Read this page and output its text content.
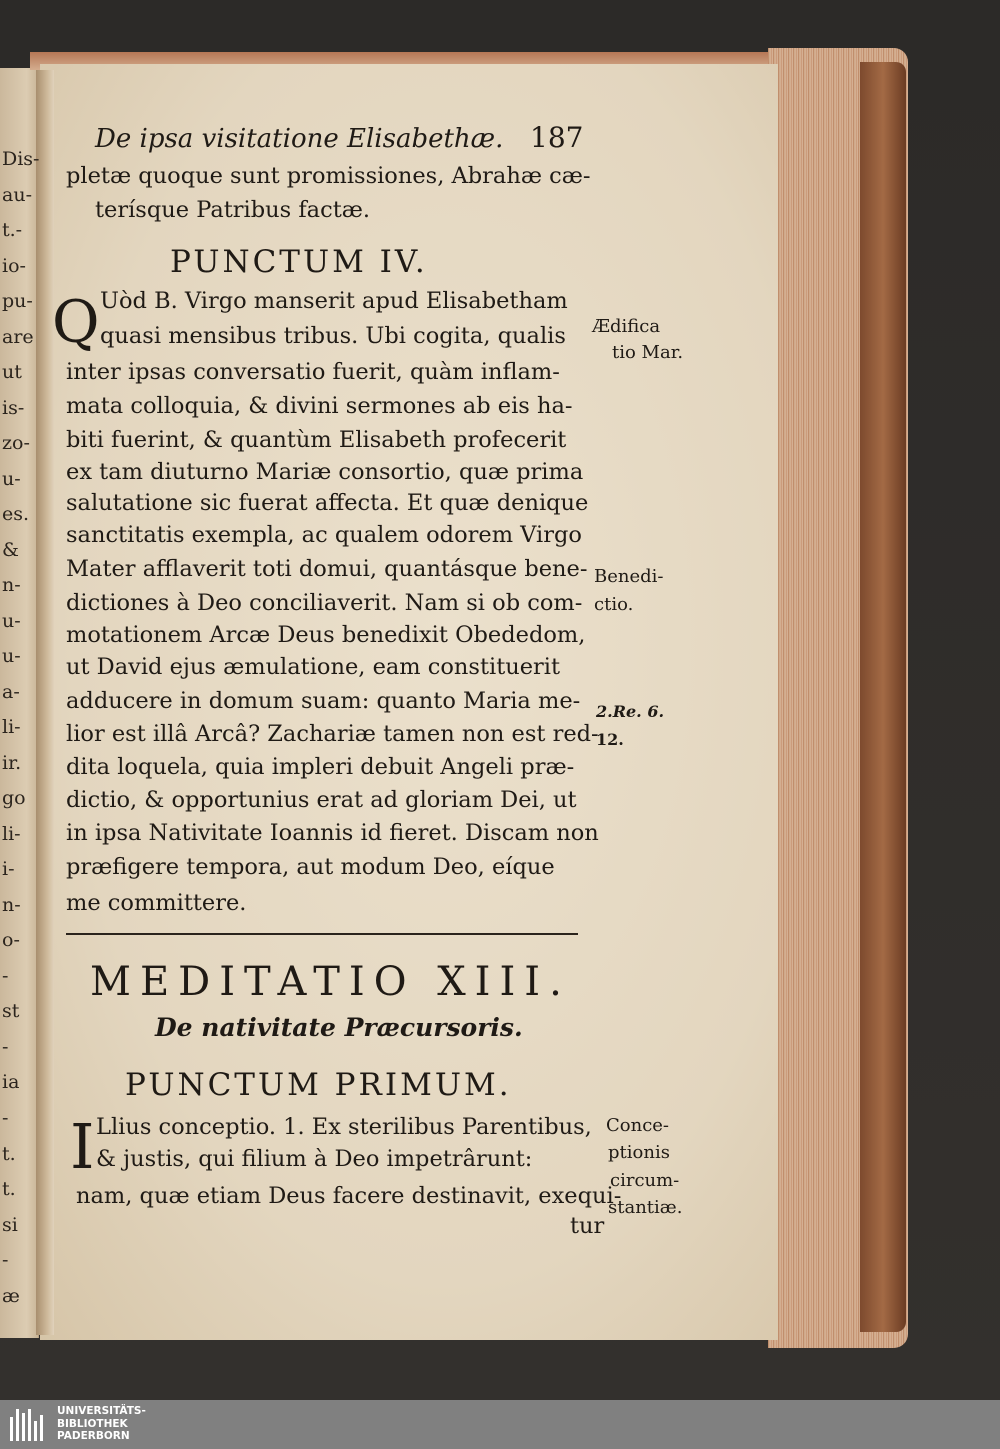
De ipsa visitatione Elisabethæ. 187
pletæ quoque sunt promissiones, Abrahæ cæ-
terísque Patribus factæ.
PUNCTUM IV.
Q Uòd B. Virgo manserit apud Elisabetham
quasi mensibus tribus. Ubi cogita, qualis
inter ipsas conversatio fuerit, quàm inflam-
mata colloquia, & divini sermones ab eis ha-
biti fuerint, & quantùm Elisabeth profecerit
ex tam diuturno Mariæ consortio, quæ prima
salutatione sic fuerat affecta. Et quæ denique
sanctitatis exempla, ac qualem odorem Virgo
Mater afflaverit toti domui, quantásque bene-
dictiones à Deo conciliaverit. Nam si ob com-
motationem Arcæ Deus benedixit Obededom,
ut David ejus æmulatione, eam constituerit
adducere in domum suam: quanto Maria me-
lior est illâ Arcâ? Zachariæ tamen non est red-
dita loquela, quia impleri debuit Angeli præ-
dictio, & opportunius erat ad gloriam Dei, ut
in ipsa Nativitate Ioannis id fieret. Discam non
præfigere tempora, aut modum Deo, eíque
me committere.
Ædifica
tio Mar.
Benedi-
ctio.
2.Re. 6.
12.
MEDITATIO XIII.
De nativitate Præcursoris.
PUNCTUM PRIMUM.
I Llius conceptio. 1. Ex sterilibus Parentibus,
& justis, qui filium à Deo impetrârunt:
nam, quæ etiam Deus facere destinavit, exequi-
tur
Conce-
ptionis
circum-
stantiæ.
Dis-
au-
t.-
io-
pu-
are
ut
is-
zo-
u-
es.
&
n-
u-
u-
a-
li-
ir.
go
li-
i-
n-
o-
-
st
-
ia
-
t.
t.
si
-
æ
UNIVERSITÄTS-
BIBLIOTHEK
PADERBORN
